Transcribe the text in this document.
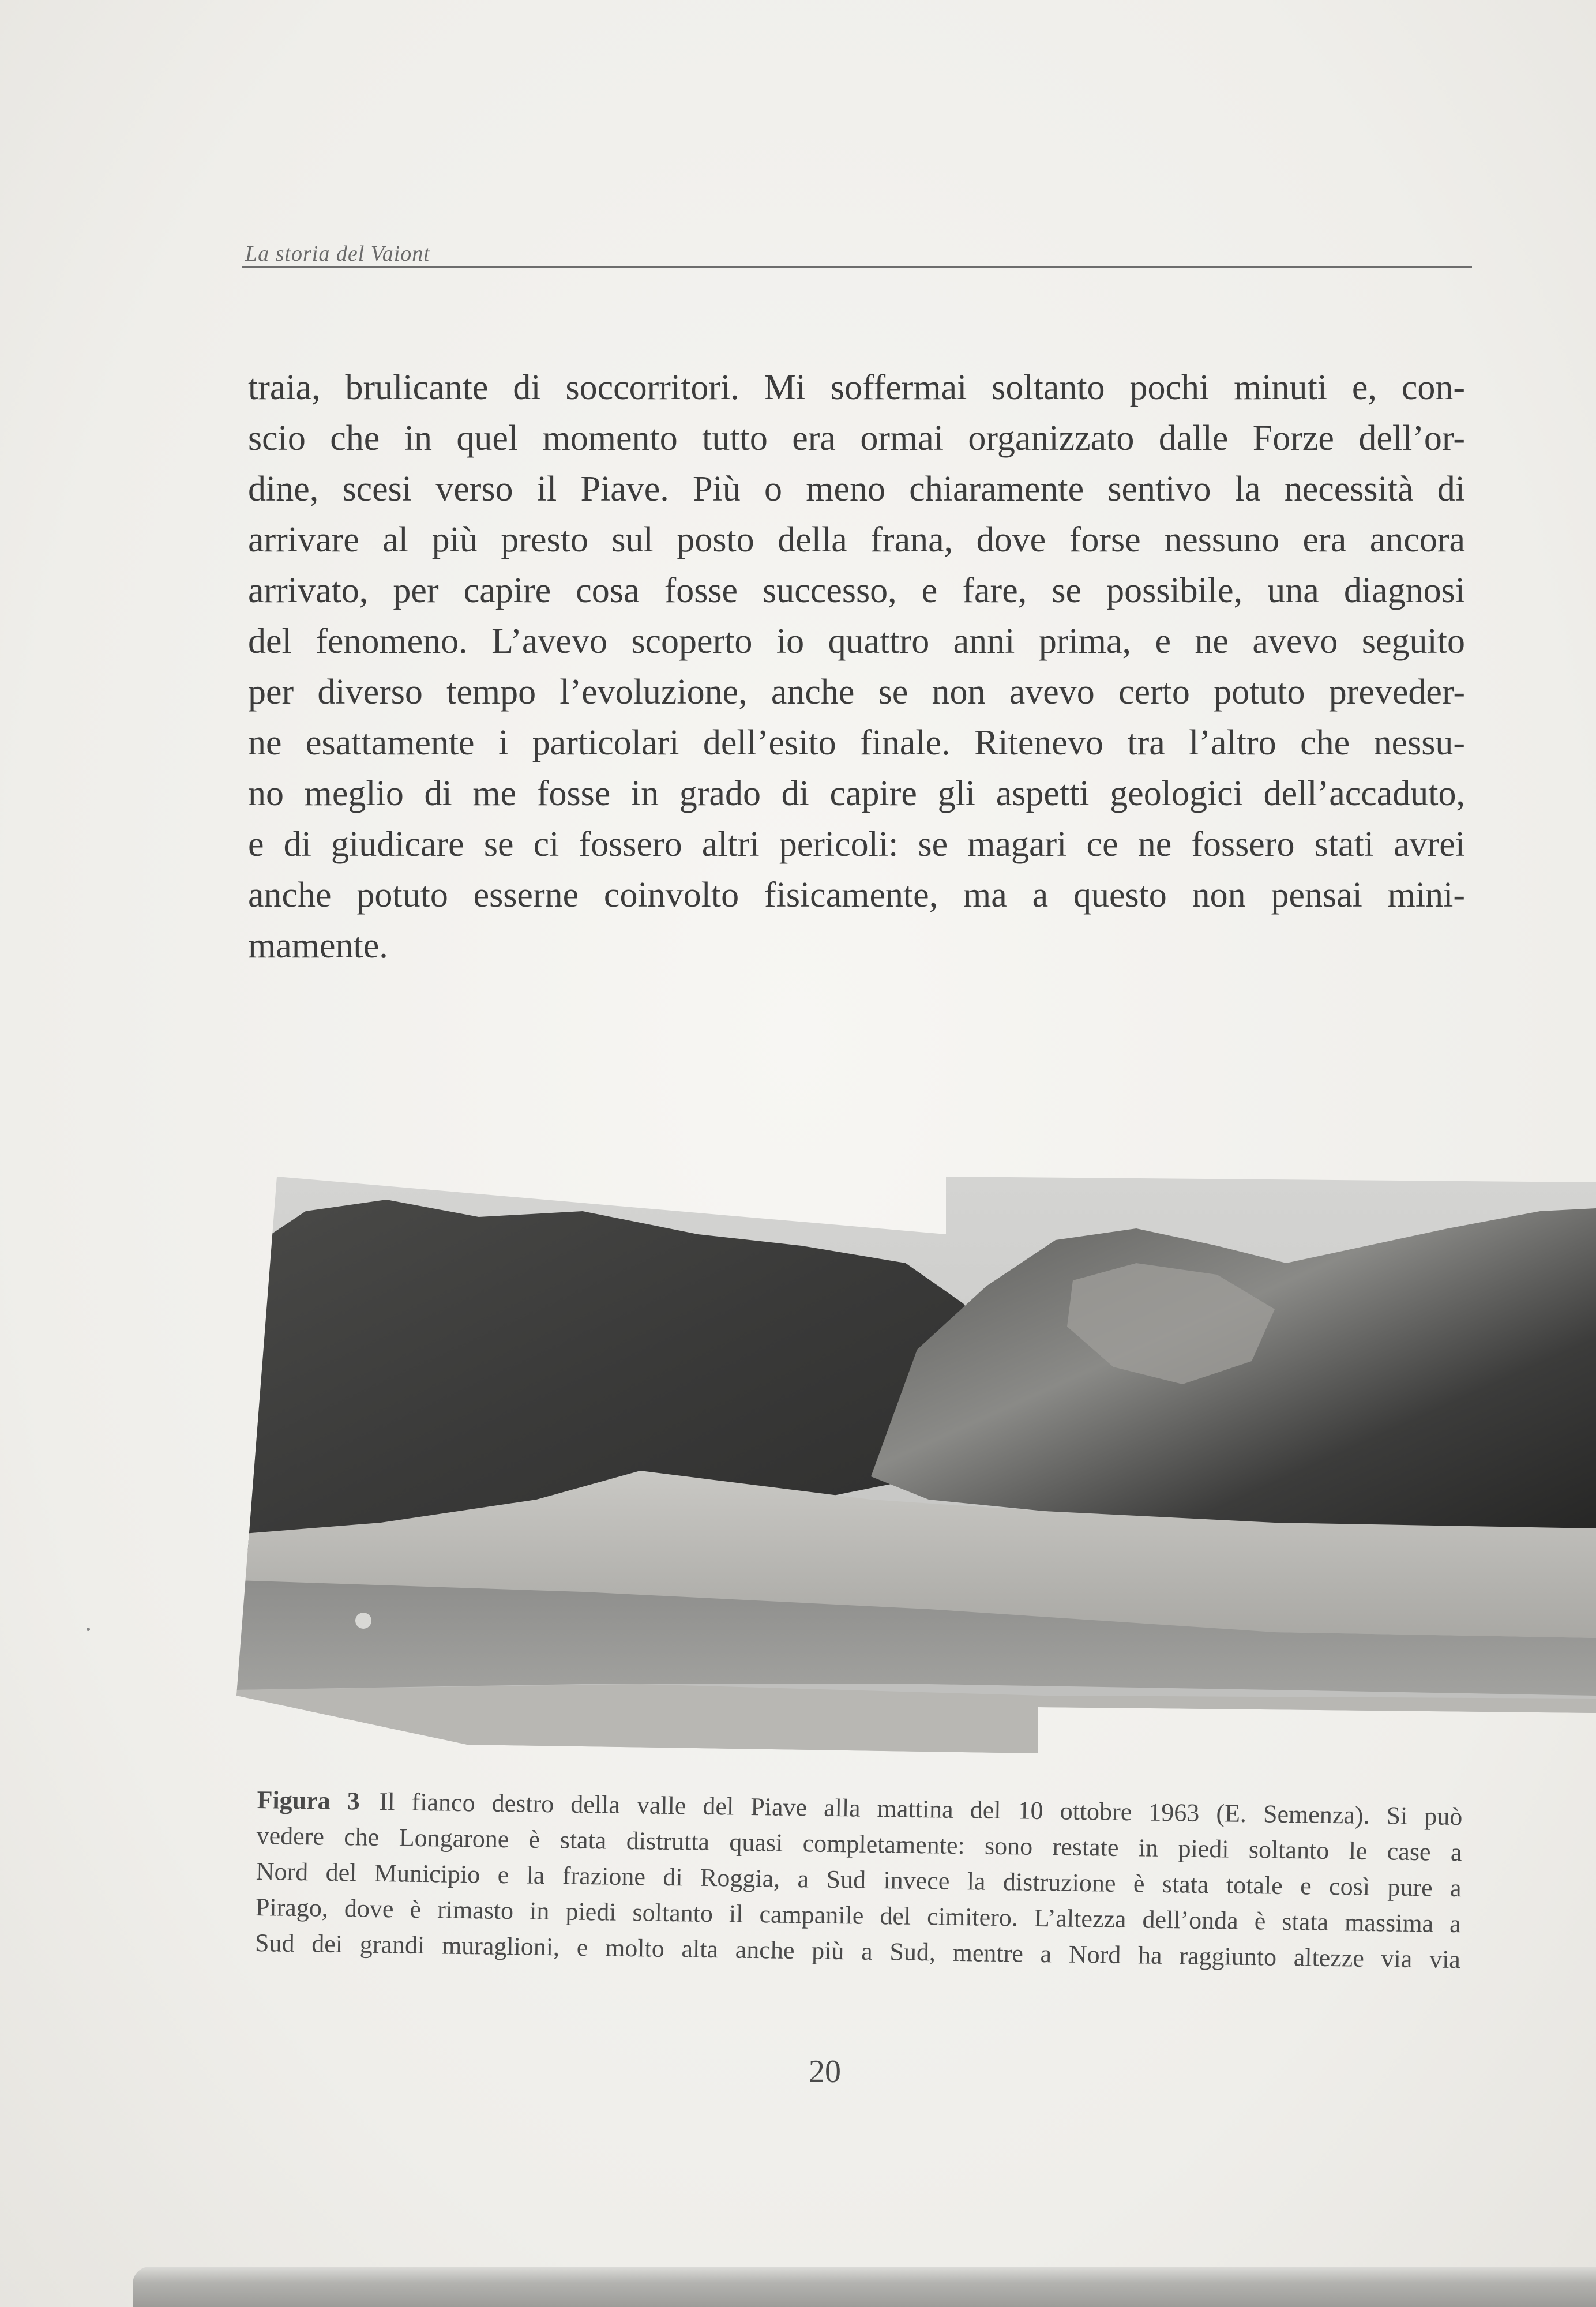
La storia del Vaiont
traia, brulicante di soccorritori. Mi soffermai soltanto pochi minuti e, con-
scio che in quel momento tutto era ormai organizzato dalle Forze dell’or-
dine, scesi verso il Piave. Più o meno chiaramente sentivo la necessità di
arrivare al più presto sul posto della frana, dove forse nessuno era ancora
arrivato, per capire cosa fosse successo, e fare, se possibile, una diagnosi
del fenomeno. L’avevo scoperto io quattro anni prima, e ne avevo seguito
per diverso tempo l’evoluzione, anche se non avevo certo potuto preveder-
ne esattamente i particolari dell’esito finale. Ritenevo tra l’altro che nessu-
no meglio di me fosse in grado di capire gli aspetti geologici dell’accaduto,
e di giudicare se ci fossero altri pericoli: se magari ce ne fossero stati avrei
anche potuto esserne coinvolto fisicamente, ma a questo non pensai mini-
mamente.
Figura 3 Il fianco destro della valle del Piave alla mattina del 10 ottobre 1963 (E. Semenza). Si può
vedere che Longarone è stata distrutta quasi completamente: sono restate in piedi soltanto le case a
Nord del Municipio e la frazione di Roggia, a Sud invece la distruzione è stata totale e così pure a
Pirago, dove è rimasto in piedi soltanto il campanile del cimitero. L’altezza dell’onda è stata massima a
Sud dei grandi muraglioni, e molto alta anche più a Sud, mentre a Nord ha raggiunto altezze via via
20
